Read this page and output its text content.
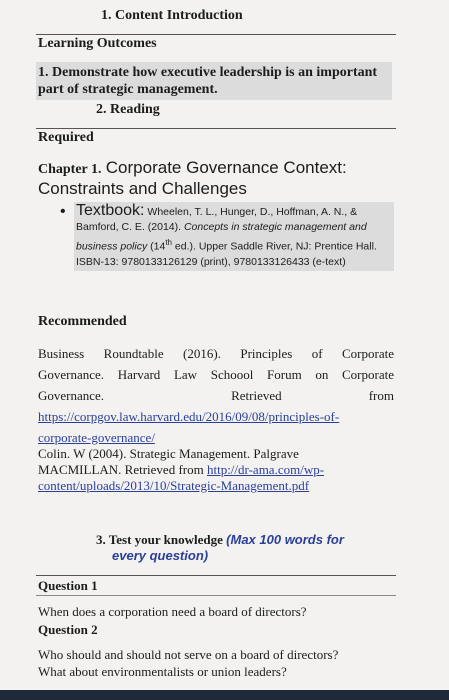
1. Content Introduction
Learning Outcomes
1. Demonstrate how executive leadership is an important part of strategic management.
2. Reading
Required
Chapter 1. Corporate Governance Context: Constraints and Challenges
• Textbook: Wheelen, T. L., Hunger, D., Hoffman, A. N., & Bamford, C. E. (2014). Concepts in strategic management and business policy (14th ed.). Upper Saddle River, NJ: Prentice Hall. ISBN-13: 9780133126129 (print), 9780133126433 (e-text)
Recommended
Business Roundtable (2016). Principles of Corporate
Governance. Harvard Law Schoool Forum on Corporate
Governance.	Retrieved	from
https://corpgov.law.harvard.edu/2016/09/08/principles-of-
corporate-governance/
Colin. W (2004). Strategic Management. Palgrave
MACMILLAN. Retrieved from http://dr-ama.com/wp-
content/uploads/2013/10/Strategic-Management.pdf
3. Test your knowledge (Max 100 words for
every question)
Question 1
When does a corporation need a board of directors?
Question 2
Who should and should not serve on a board of directors?
What about environmentalists or union leaders?
